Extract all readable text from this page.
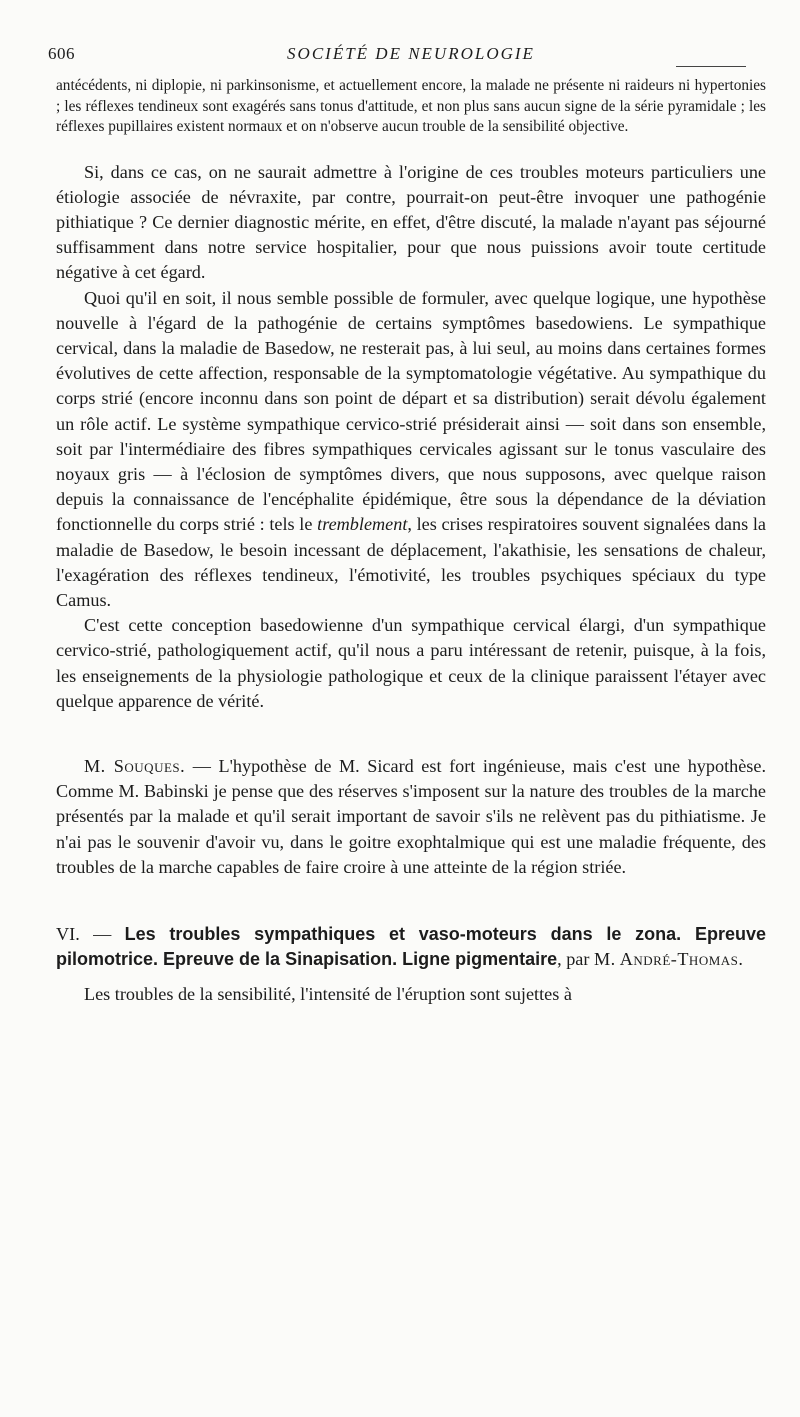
606	SOCIÉTÉ DE NEUROLOGIE

antécédents, ni diplopie, ni parkinsonisme, et actuellement encore, la malade ne présente ni raideurs ni hypertonies ; les réflexes tendineux sont exagérés sans tonus d'attitude, et non plus sans aucun signe de la série pyramidale ; les réflexes pupillaires existent normaux et on n'observe aucun trouble de la sensibilité objective.

Si, dans ce cas, on ne saurait admettre à l'origine de ces troubles moteurs particuliers une étiologie associée de névraxite, par contre, pourrait-on peut-être invoquer une pathogénie pithiatique ? Ce dernier diagnostic mérite, en effet, d'être discuté, la malade n'ayant pas séjourné suffisamment dans notre service hospitalier, pour que nous puissions avoir toute certitude négative à cet égard.

Quoi qu'il en soit, il nous semble possible de formuler, avec quelque logique, une hypothèse nouvelle à l'égard de la pathogénie de certains symptômes basedowiens. Le sympathique cervical, dans la maladie de Basedow, ne resterait pas, à lui seul, au moins dans certaines formes évolutives de cette affection, responsable de la symptomatologie végétative. Au sympathique du corps strié (encore inconnu dans son point de départ et sa distribution) serait dévolu également un rôle actif. Le système sympathique cervico-strié présiderait ainsi — soit dans son ensemble, soit par l'intermédiaire des fibres sympathiques cervicales agissant sur le tonus vasculaire des noyaux gris — à l'éclosion de symptômes divers, que nous supposons, avec quelque raison depuis la connaissance de l'encéphalite épidémique, être sous la dépendance de la déviation fonctionnelle du corps strié : tels le tremblement, les crises respiratoires souvent signalées dans la maladie de Basedow, le besoin incessant de déplacement, l'akathisie, les sensations de chaleur, l'exagération des réflexes tendineux, l'émotivité, les troubles psychiques spéciaux du type Camus.

C'est cette conception basedowienne d'un sympathique cervical élargi, d'un sympathique cervico-strié, pathologiquement actif, qu'il nous a paru intéressant de retenir, puisque, à la fois, les enseignements de la physiologie pathologique et ceux de la clinique paraissent l'étayer avec quelque apparence de vérité.

M. Souques. — L'hypothèse de M. Sicard est fort ingénieuse, mais c'est une hypothèse. Comme M. Babinski je pense que des réserves s'imposent sur la nature des troubles de la marche présentés par la malade et qu'il serait important de savoir s'ils ne relèvent pas du pithiatisme. Je n'ai pas le souvenir d'avoir vu, dans le goitre exophtalmique qui est une maladie fréquente, des troubles de la marche capables de faire croire à une atteinte de la région striée.

VI. — Les troubles sympathiques et vaso-moteurs dans le zona. Epreuve pilomotrice. Epreuve de la Sinapisation. Ligne pigmentaire, par M. André-Thomas.

Les troubles de la sensibilité, l'intensité de l'éruption sont sujettes à
